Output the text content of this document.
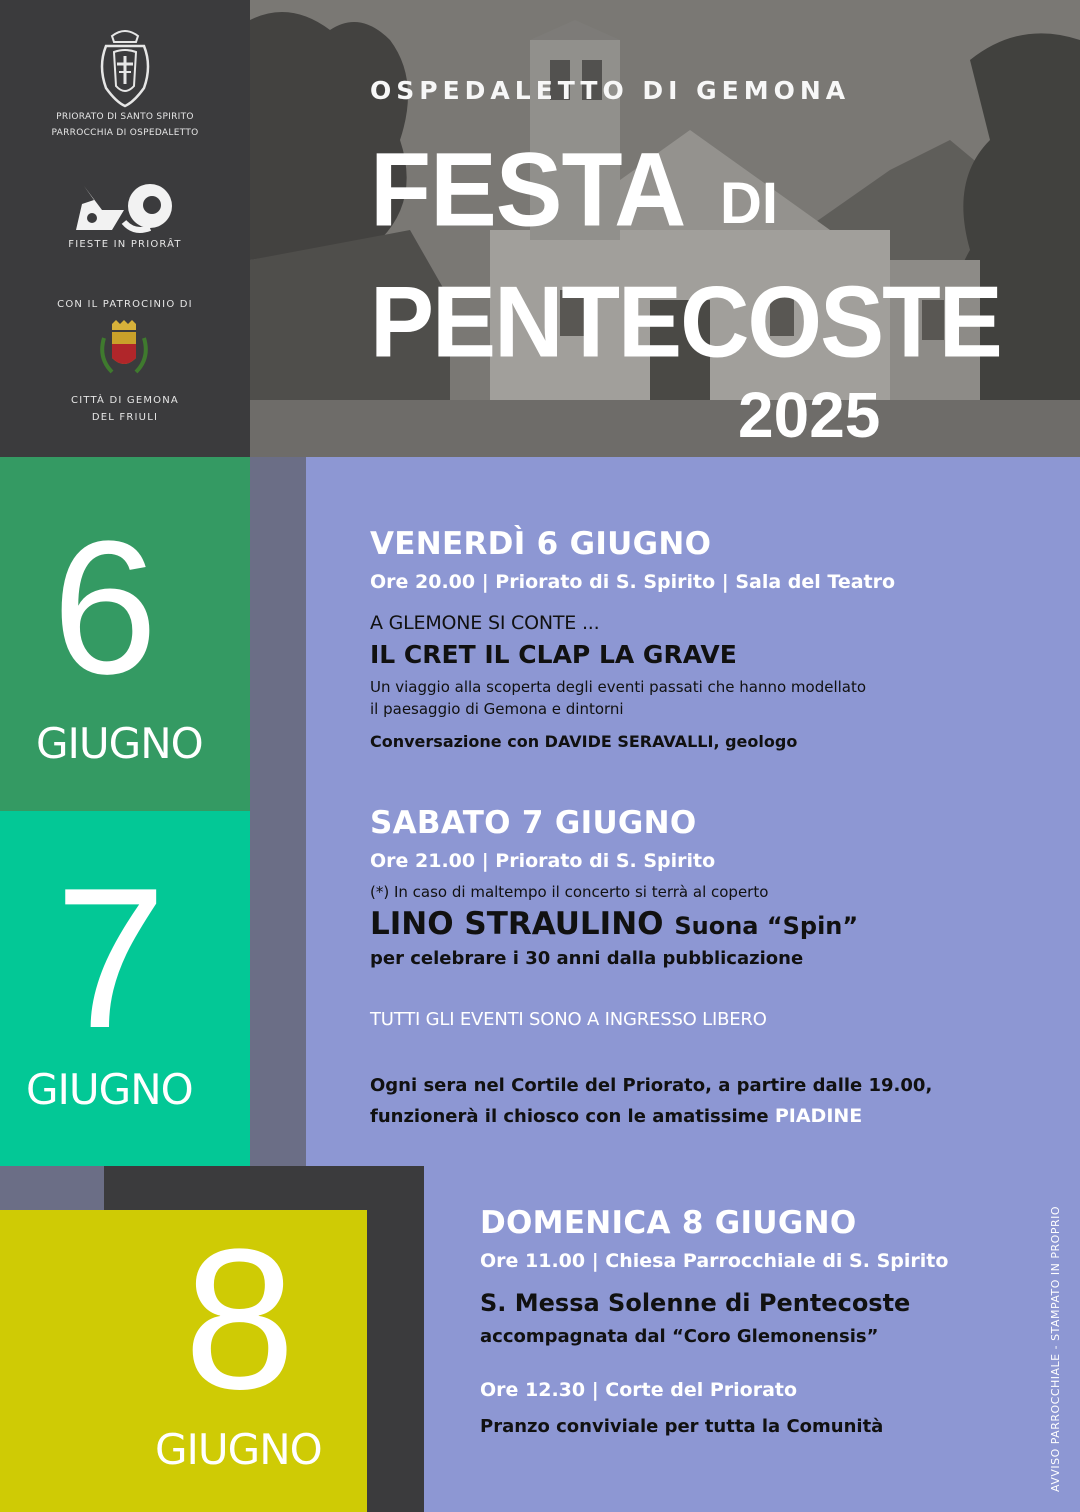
PRIORATO DI SANTO SPIRITO
PARROCCHIA DI OSPEDALETTO
FIESTE IN PRIORÂT
CON IL PATROCINIO DI
CITTÀ DI GEMONA
DEL FRIULI
OSPEDALETTO DI GEMONA
FESTA DI
PENTECOSTE
2025
6
GIUGNO
7
GIUGNO
8
GIUGNO
VENERDÌ 6 GIUGNO
Ore 20.00 | Priorato di S. Spirito | Sala del Teatro
A GLEMONE SI CONTE ...
IL CRET IL CLAP LA GRAVE
Un viaggio alla scoperta degli eventi passati che hanno modellato
il paesaggio di Gemona e dintorni
Conversazione con DAVIDE SERAVALLI, geologo
SABATO 7 GIUGNO
Ore 21.00 | Priorato di S. Spirito
(*) In caso di maltempo il concerto si terrà al coperto
LINO STRAULINO Suona “Spin”
per celebrare i 30 anni dalla pubblicazione
TUTTI GLI EVENTI SONO A INGRESSO LIBERO
Ogni sera nel Cortile del Priorato, a partire dalle 19.00,
funzionerà il chiosco con le amatissime PIADINE
DOMENICA 8 GIUGNO
Ore 11.00 | Chiesa Parrocchiale di S. Spirito
S. Messa Solenne di Pentecoste
accompagnata dal “Coro Glemonensis”
Ore 12.30 | Corte del Priorato
Pranzo conviviale per tutta la Comunità	AVVISO PARROCCHIALE - STAMPATO IN PROPRIO
